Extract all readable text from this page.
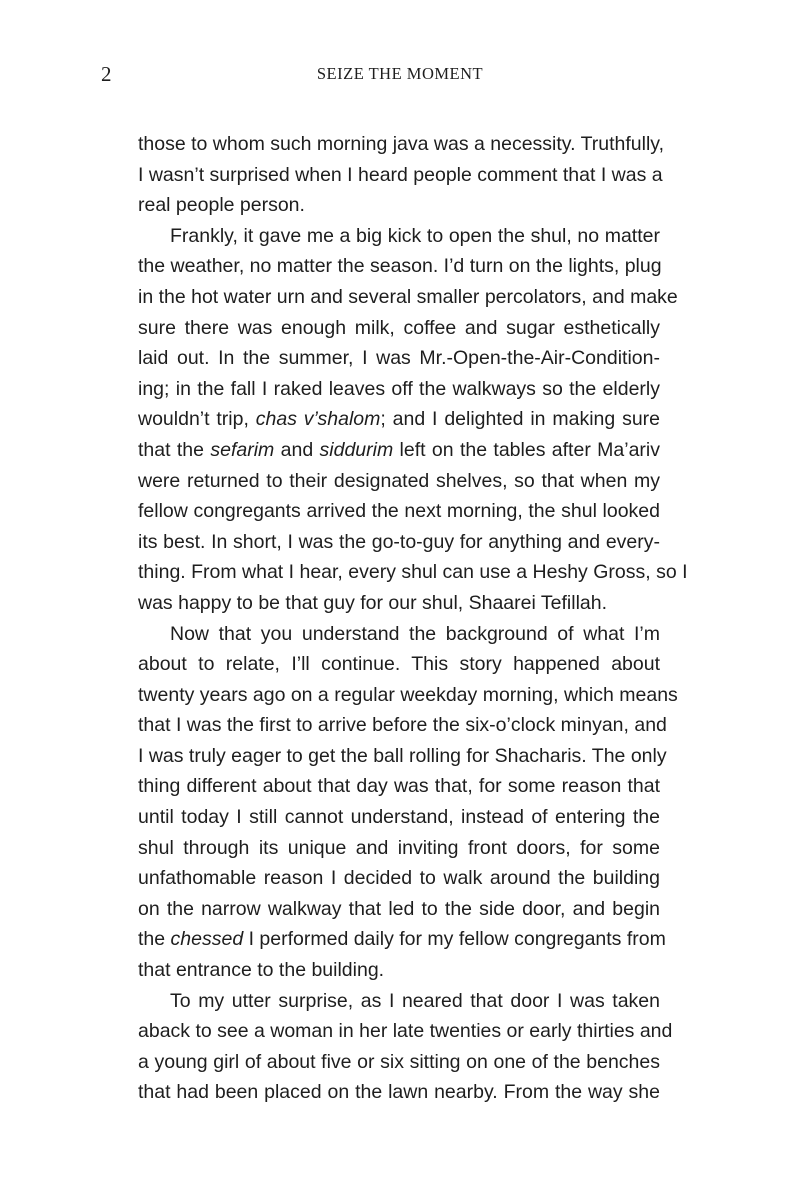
2	SEIZE THE MOMENT
those to whom such morning java was a necessity. Truthfully,
I wasn’t surprised when I heard people comment that I was a
real people person.
Frankly, it gave me a big kick to open the shul, no matter
the weather, no matter the season. I’d turn on the lights, plug
in the hot water urn and several smaller percolators, and make
sure there was enough milk, coffee and sugar esthetically
laid out. In the summer, I was Mr.-Open-the-Air-Condition-
ing; in the fall I raked leaves off the walkways so the elderly
wouldn’t trip, chas v’shalom; and I delighted in making sure
that the sefarim and siddurim left on the tables after Ma’ariv
were returned to their designated shelves, so that when my
fellow congregants arrived the next morning, the shul looked
its best. In short, I was the go-to-guy for anything and every-
thing. From what I hear, every shul can use a Heshy Gross, so I
was happy to be that guy for our shul, Shaarei Tefillah.
Now that you understand the background of what I’m
about to relate, I’ll continue. This story happened about
twenty years ago on a regular weekday morning, which means
that I was the first to arrive before the six-o’clock minyan, and
I was truly eager to get the ball rolling for Shacharis. The only
thing different about that day was that, for some reason that
until today I still cannot understand, instead of entering the
shul through its unique and inviting front doors, for some
unfathomable reason I decided to walk around the building
on the narrow walkway that led to the side door, and begin
the chessed I performed daily for my fellow congregants from
that entrance to the building.
To my utter surprise, as I neared that door I was taken
aback to see a woman in her late twenties or early thirties and
a young girl of about five or six sitting on one of the benches
that had been placed on the lawn nearby. From the way she
